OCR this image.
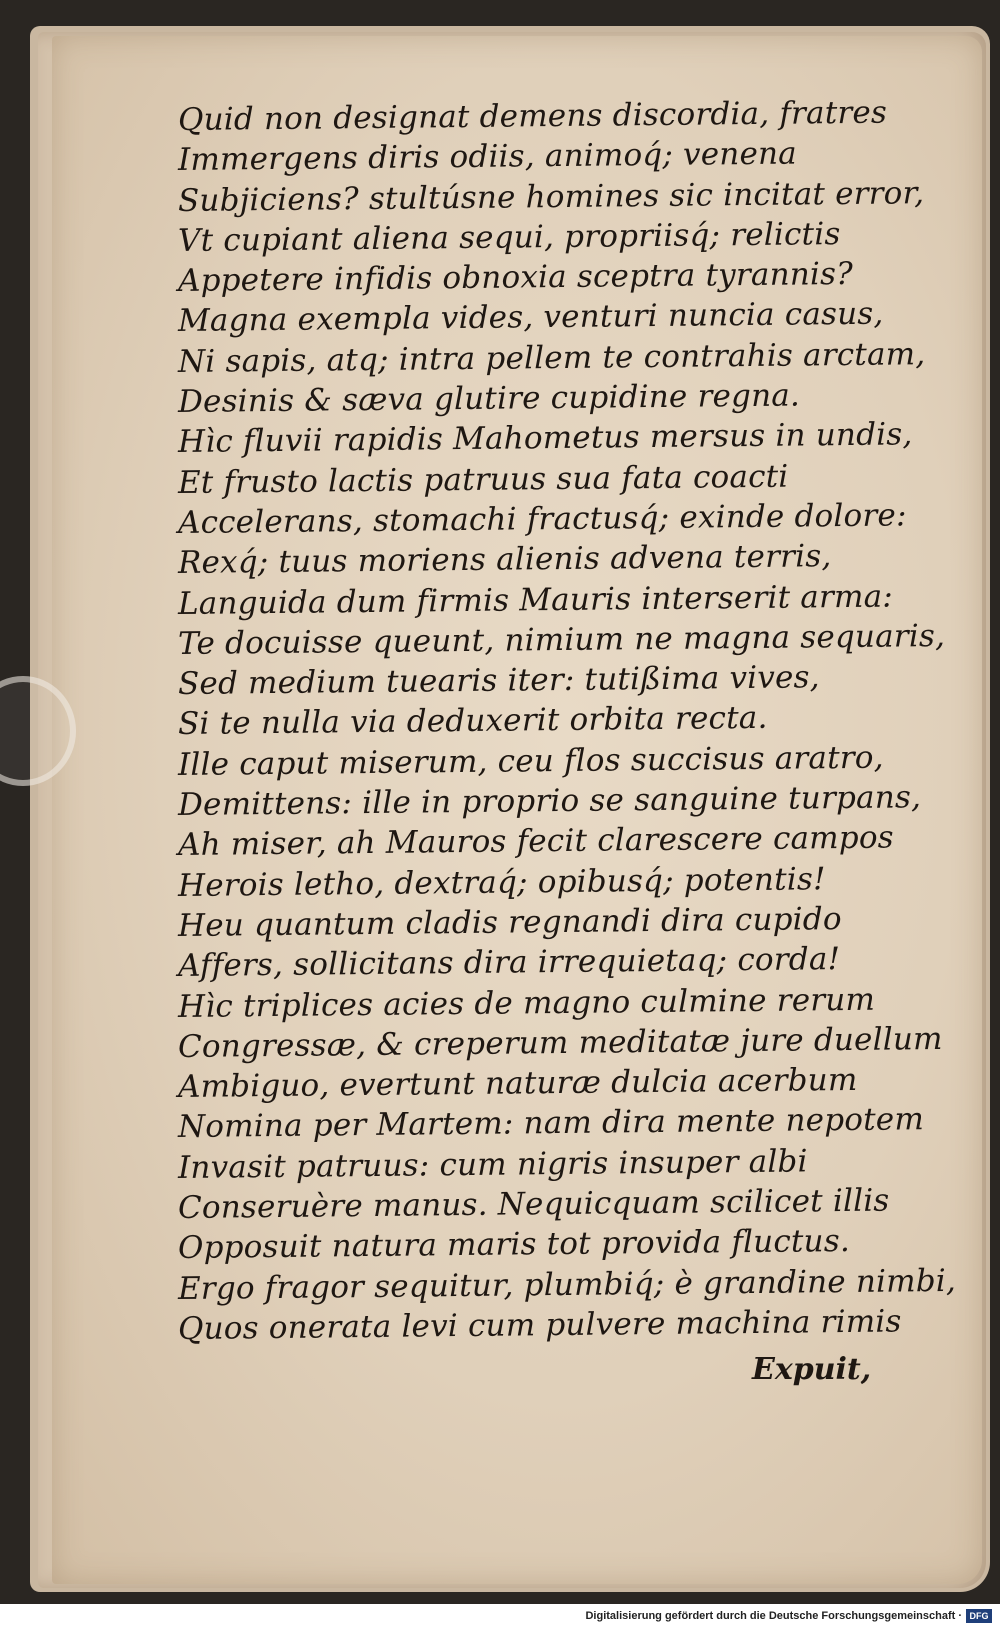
Quid non designat demens discordia, fratres
Immergens diris odiis, animoq́; venena
Subjiciens? stultúsne homines sic incitat error,
Vt cupiant aliena sequi, propriisq́; relictis
Appetere infidis obnoxia sceptra tyrannis?
Magna exempla vides, venturi nuncia casus,
Ni sapis, atq; intra pellem te contrahis arctam,
Desinis & sæva glutire cupidine regna.
Hìc fluvii rapidis Mahometus mersus in undis,
Et frusto lactis patruus sua fata coacti
Accelerans, stomachi fractusq́; exinde dolore:
Rexq́; tuus moriens alienis advena terris,
Languida dum firmis Mauris interserit arma:
Te docuisse queunt, nimium ne magna sequaris,
Sed medium tuearis iter: tutißima vives,
Si te nulla via deduxerit orbita recta.
Ille caput miserum, ceu flos succisus aratro,
Demittens: ille in proprio se sanguine turpans,
Ah miser, ah Mauros fecit clarescere campos
Herois letho, dextraq́; opibusq́; potentis!
Heu quantum cladis regnandi dira cupido
Affers, sollicitans dira irrequietaq; corda!
Hìc triplices acies de magno culmine rerum
Congressæ, & creperum meditatæ jure duellum
Ambiguo, evertunt naturæ dulcia acerbum
Nomina per Martem: nam dira mente nepotem
Invasit patruus: cum nigris insuper albi
Conseruère manus. Nequicquam scilicet illis
Opposuit natura maris tot provida fluctus.
Ergo fragor sequitur, plumbiq́; è grandine nimbi,
Quos onerata levi cum pulvere machina rimis
Expuit,
Digitalisierung gefördert durch die Deutsche Forschungsgemeinschaft · DFG
